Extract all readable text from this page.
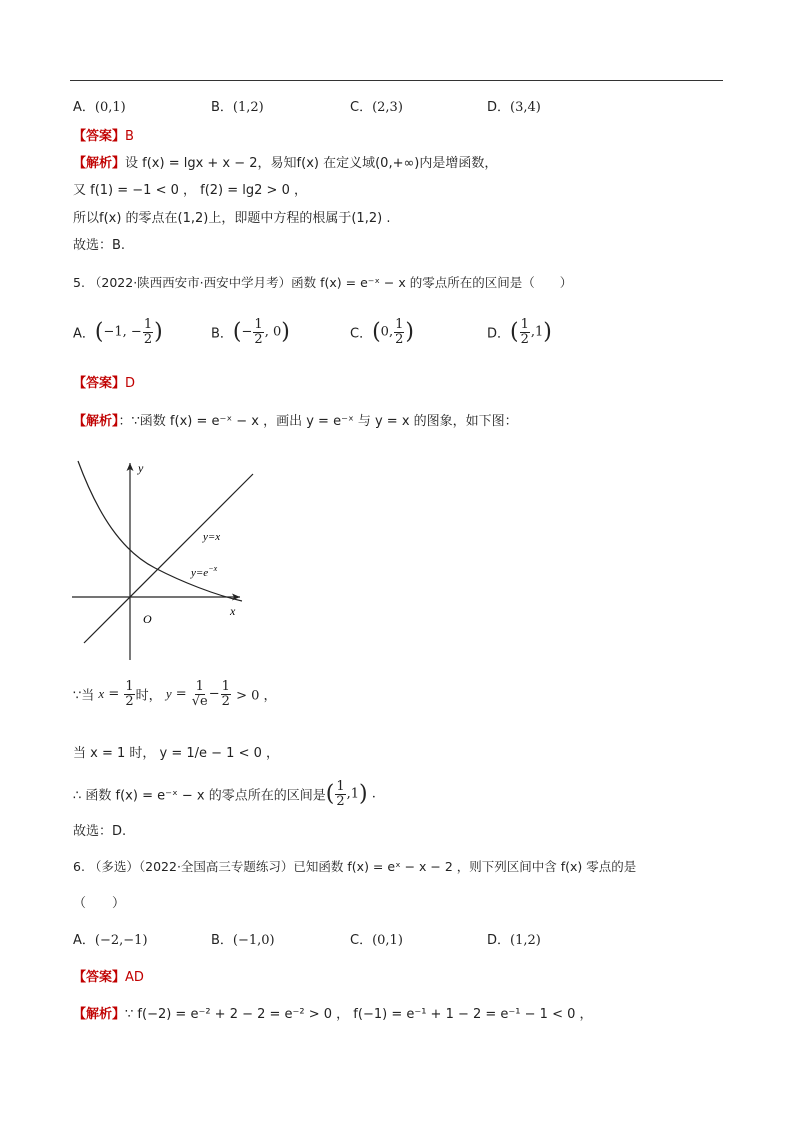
A．(0,1)	B．(1,2)	C．(2,3)	D．(3,4)
【答案】B
【解析】设 f(x) = lgx + x − 2，易知f(x) 在定义域(0,+∞)内是增函数，
又 f(1) = −1 < 0 ， f(2) = lg2 > 0 ，
所以f(x) 的零点在(1,2)上，即题中方程的根属于(1,2) .
故选：B.
5. （2022·陕西西安市·西安中学月考）函数 f(x) = e⁻ˣ − x 的零点所在的区间是（　　）
A．(−1, − $\frac{1}{2}$ )	B．(− $\frac{1}{2}$ , 0)	C．(0, $\frac{1}{2}$ )	D．( $\frac{1}{2} ,1$)
【答案】D
【解析】：∵函数 f(x) = e⁻ˣ − x ，画出 y = e⁻ˣ 与 y = x 的图象，如下图：
y
x
O
y=x
$y=e^{-x}$
∵当 $x = \frac{1}{2}$ 时， $y = \frac{1}{√e} - \frac{1}{2} > 0$ ，
当 x = 1 时， y = 1/e − 1 < 0 ，
∴ 函数 f(x) = e⁻ˣ − x 的零点所在的区间是( $\frac{1}{2} ,1$) .
故选：D.
6. （多选）（2022·全国高三专题练习）已知函数 f(x) = eˣ − x − 2 ，则下列区间中含 f(x) 零点的是
（　　）
A．(−2,−1)	B．(−1,0)	C．(0,1)	D．(1,2)
【答案】AD
【解析】∵ f(−2) = e⁻² + 2 − 2 = e⁻² > 0 ， f(−1) = e⁻¹ + 1 − 2 = e⁻¹ − 1 < 0 ，
